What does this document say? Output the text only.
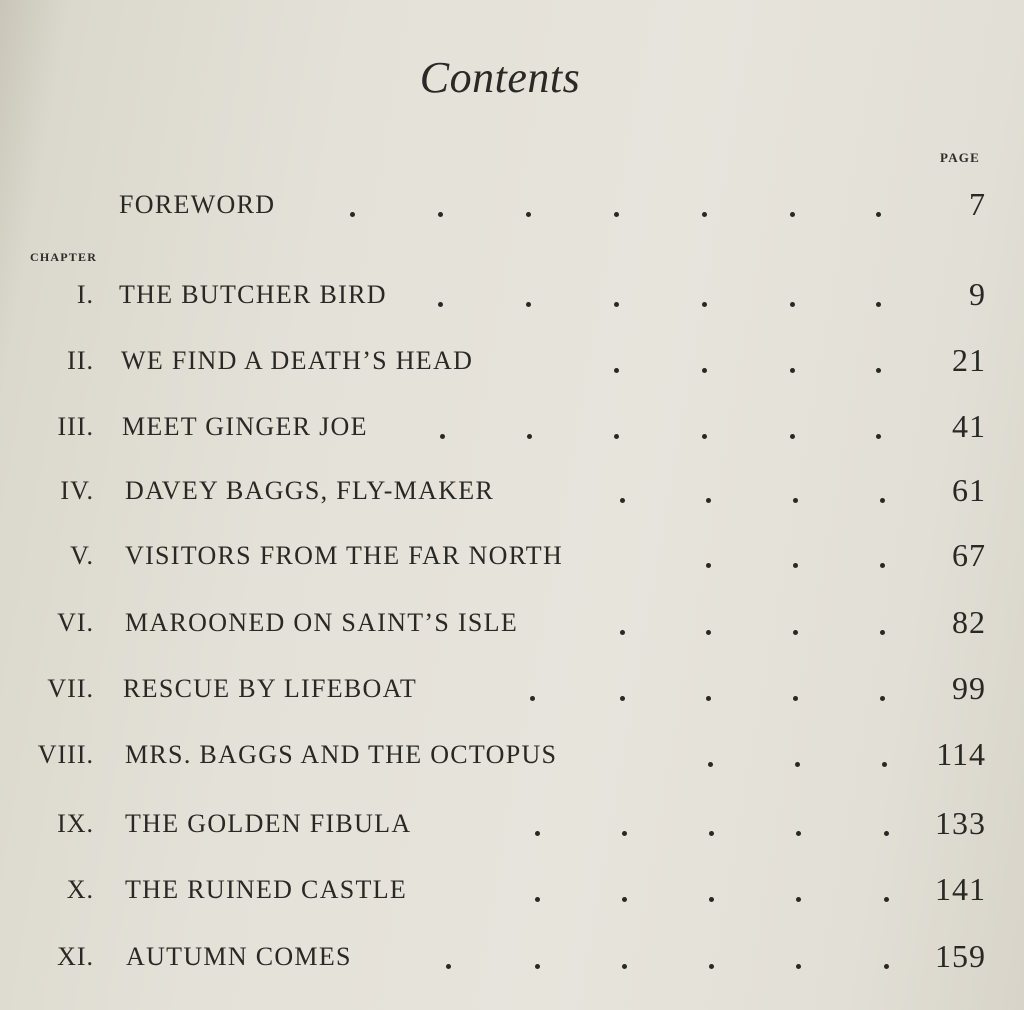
Contents
PAGE
FOREWORD	7
CHAPTER
I. THE BUTCHER BIRD	9
II. WE FIND A DEATH’S HEAD	21
III. MEET GINGER JOE	41
IV. DAVEY BAGGS, FLY-MAKER	61
V. VISITORS FROM THE FAR NORTH	67
VI. MAROONED ON SAINT’S ISLE	82
VII. RESCUE BY LIFEBOAT	99
VIII. MRS. BAGGS AND THE OCTOPUS	114
IX. THE GOLDEN FIBULA	133
X. THE RUINED CASTLE	141
XI. AUTUMN COMES	159
